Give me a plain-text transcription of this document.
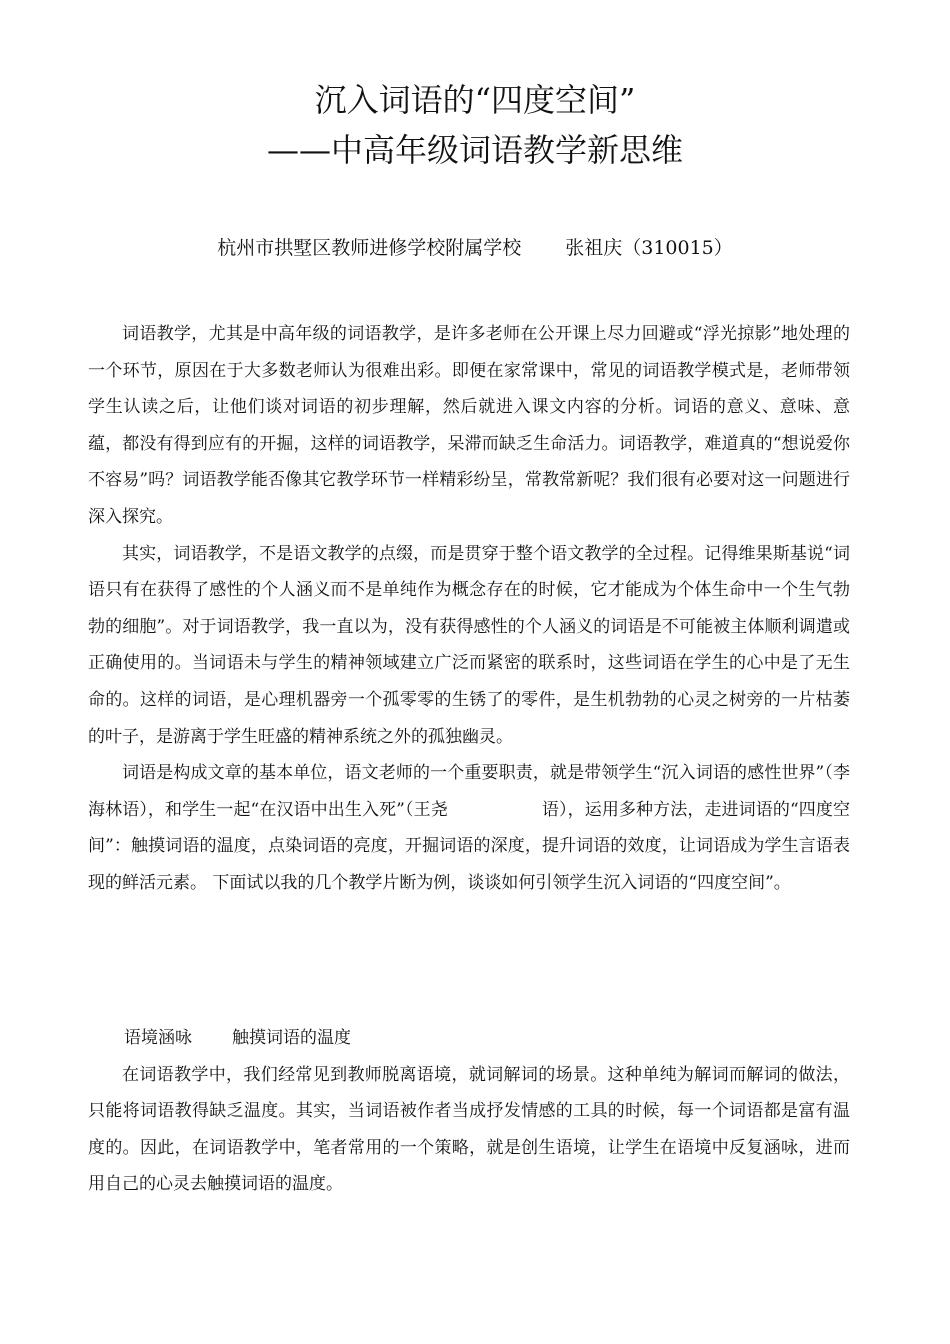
沉入词语的“四度空间”
——中高年级词语教学新思维
杭州市拱墅区教师进修学校附属学校 张祖庆（310015）

词语教学，尤其是中高年级的词语教学，是许多老师在公开课上尽力回避或“浮光掠影”地处理的一个环节，原因在于大多数老师认为很难出彩。即便在家常课中，常见的词语教学模式是，老师带领学生认读之后，让他们谈对词语的初步理解，然后就进入课文内容的分析。词语的意义、意味、意蕴，都没有得到应有的开掘，这样的词语教学，呆滞而缺乏生命活力。词语教学，难道真的“想说爱你不容易”吗？词语教学能否像其它教学环节一样精彩纷呈，常教常新呢？我们很有必要对这一问题进行深入探究。

其实，词语教学，不是语文教学的点缀，而是贯穿于整个语文教学的全过程。记得维果斯基说“词语只有在获得了感性的个人涵义而不是单纯作为概念存在的时候，它才能成为个体生命中一个生气勃勃的细胞”。对于词语教学，我一直以为，没有获得感性的个人涵义的词语是不可能被主体顺利调遣或正确使用的。当词语未与学生的精神领域建立广泛而紧密的联系时，这些词语在学生的心中是了无生命的。这样的词语，是心理机器旁一个孤零零的生锈了的零件，是生机勃勃的心灵之树旁的一片枯萎的叶子，是游离于学生旺盛的精神系统之外的孤独幽灵。

词语是构成文章的基本单位，语文老师的一个重要职责，就是带领学生“沉入词语的感性世界”（李海林语），和学生一起“在汉语中出生入死”（王尧	语），运用多种方法，走进词语的“四度空间”：触摸词语的温度，点染词语的亮度，开掘词语的深度，提升词语的效度，让词语成为学生言语表现的鲜活元素。 下面试以我的几个教学片断为例，谈谈如何引领学生沉入词语的“四度空间”。

语境涵咏 触摸词语的温度

在词语教学中，我们经常见到教师脱离语境，就词解词的场景。这种单纯为解词而解词的做法，只能将词语教得缺乏温度。其实，当词语被作者当成抒发情感的工具的时候，每一个词语都是富有温度的。因此，在词语教学中，笔者常用的一个策略，就是创生语境，让学生在语境中反复涵咏，进而用自己的心灵去触摸词语的温度。
